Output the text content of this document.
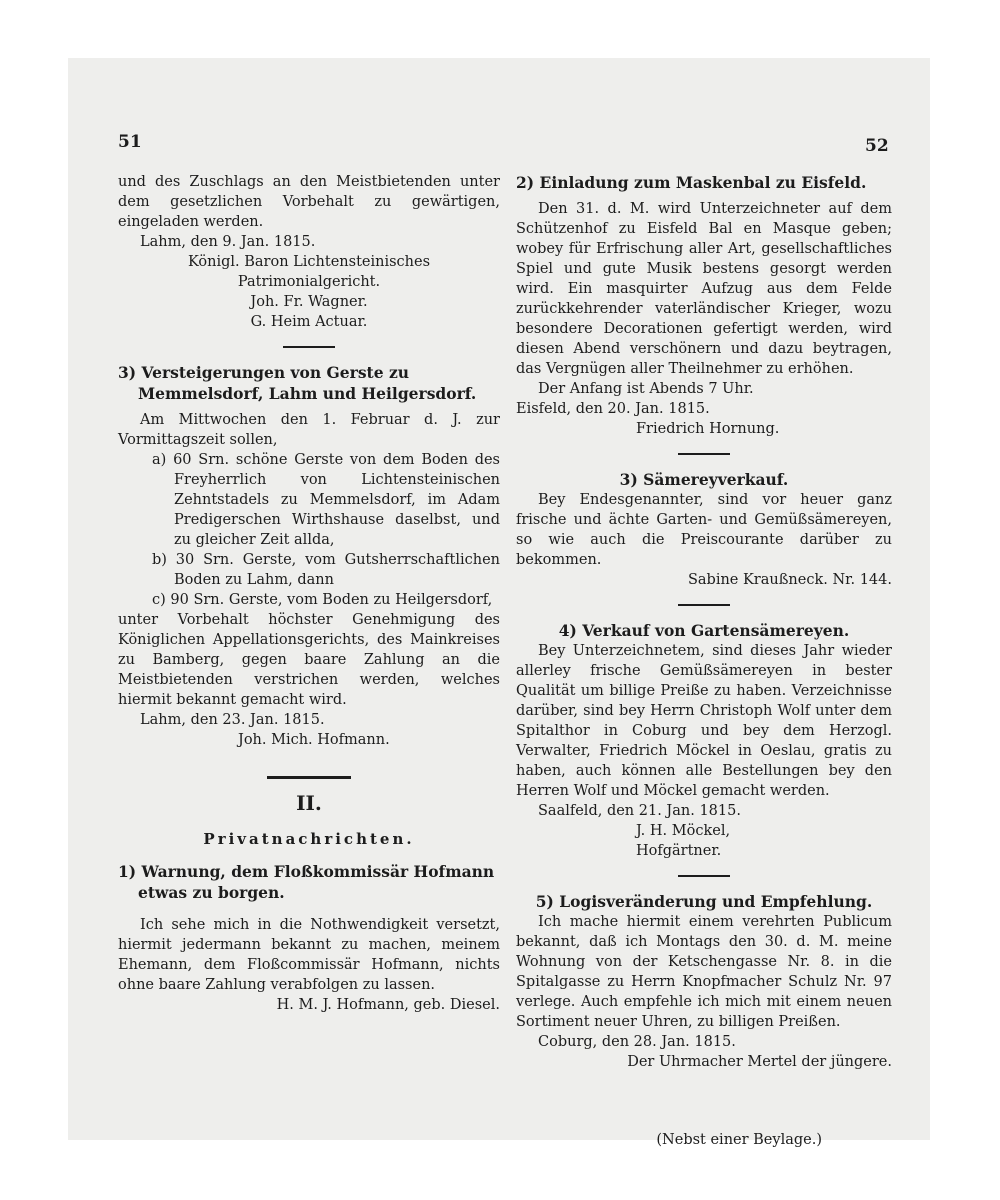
51	52

und des Zuschlags an den Meistbietenden unter dem gesetzlichen Vorbehalt zu gewärtigen, eingeladen werden.

Lahm, den 9. Jan. 1815.

Königl. Baron Lichtensteinisches

Patrimonialgericht.

Joh. Fr. Wagner.

G. Heim Actuar.

3) Versteigerungen von Gerste zu Memmelsdorf, Lahm und Heilgersdorf.

Am Mittwochen den 1. Februar d. J. zur Vormittagszeit sollen,

a) 60 Srn. schöne Gerste von dem Boden des Freyherrlich von Lichtensteinischen Zehntstadels zu Memmelsdorf, im Adam Predigerschen Wirthshause daselbst, und zu gleicher Zeit allda,
b) 30 Srn. Gerste, vom Gutsherrschaftlichen Boden zu Lahm, dann
c) 90 Srn. Gerste, vom Boden zu Heilgersdorf,

unter Vorbehalt höchster Genehmigung des Königlichen Appellationsgerichts, des Mainkreises zu Bamberg, gegen baare Zahlung an die Meistbietenden verstrichen werden, welches hiermit bekannt gemacht wird.

Lahm, den 23. Jan. 1815.

Joh. Mich. Hofmann.

II.
Privatnachrichten.

1) Warnung, dem Floßkommissär Hofmann etwas zu borgen.

Ich sehe mich in die Nothwendigkeit versetzt, hiermit jedermann bekannt zu machen, meinem Ehemann, dem Floßcommissär Hofmann, nichts ohne baare Zahlung verabfolgen zu lassen.

H. M. J. Hofmann, geb. Diesel.

2) Einladung zum Maskenbal zu Eisfeld.

Den 31. d. M. wird Unterzeichneter auf dem Schützenhof zu Eisfeld Bal en Masque geben; wobey für Erfrischung aller Art, gesellschaftliches Spiel und gute Musik bestens gesorgt werden wird. Ein masquirter Aufzug aus dem Felde zurückkehrender vaterländischer Krieger, wozu besondere Decorationen gefertigt werden, wird diesen Abend verschönern und dazu beytragen, das Vergnügen aller Theilnehmer zu erhöhen.

Der Anfang ist Abends 7 Uhr.

Eisfeld, den 20. Jan. 1815.

Friedrich Hornung.

3) Sämereyverkauf.

Bey Endesgenannter, sind vor heuer ganz frische und ächte Garten- und Gemüßsämereyen, so wie auch die Preiscourante darüber zu bekommen.

Sabine Kraußneck. Nr. 144.

4) Verkauf von Gartensämereyen.

Bey Unterzeichnetem, sind dieses Jahr wieder allerley frische Gemüßsämereyen in bester Qualität um billige Preiße zu haben. Verzeichnisse darüber, sind bey Herrn Christoph Wolf unter dem Spitalthor in Coburg und bey dem Herzogl. Verwalter, Friedrich Möckel in Oeslau, gratis zu haben, auch können alle Bestellungen bey den Herren Wolf und Möckel gemacht werden.

Saalfeld, den 21. Jan. 1815.

J. H. Möckel,

Hofgärtner.

5) Logisveränderung und Empfehlung.

Ich mache hiermit einem verehrten Publicum bekannt, daß ich Montags den 30. d. M. meine Wohnung von der Ketschengasse Nr. 8. in die Spitalgasse zu Herrn Knopfmacher Schulz Nr. 97 verlege. Auch empfehle ich mich mit einem neuen Sortiment neuer Uhren, zu billigen Preißen.

Coburg, den 28. Jan. 1815.

Der Uhrmacher Mertel der jüngere.

(Nebst einer Beylage.)
